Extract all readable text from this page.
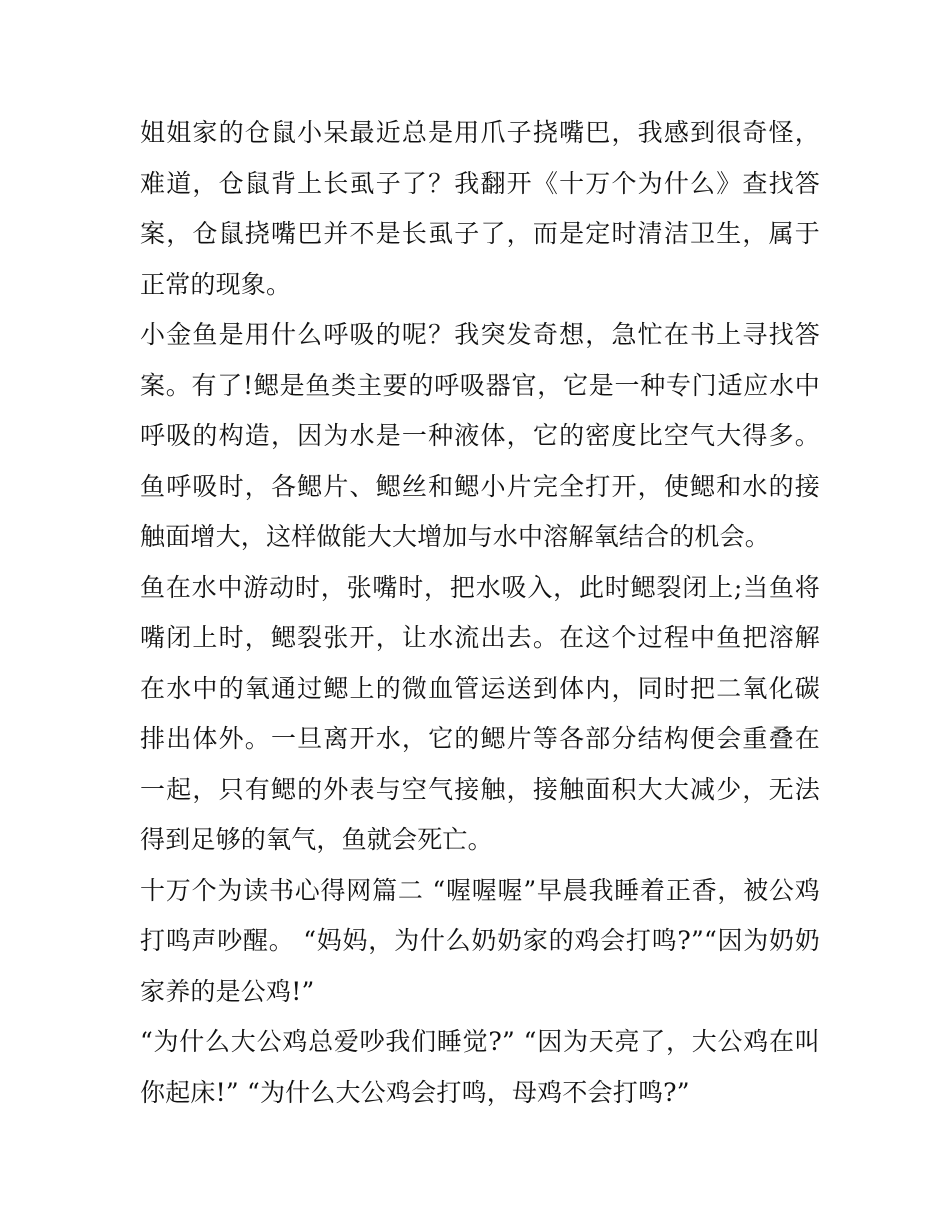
姐姐家的仓鼠小呆最近总是用爪子挠嘴巴，我感到很奇怪，难道，仓鼠背上长虱子了？我翻开《十万个为什么》查找答案，仓鼠挠嘴巴并不是长虱子了，而是定时清洁卫生，属于正常的现象。

小金鱼是用什么呼吸的呢？我突发奇想，急忙在书上寻找答案。有了!鳃是鱼类主要的呼吸器官，它是一种专门适应水中呼吸的构造，因为水是一种液体，它的密度比空气大得多。鱼呼吸时，各鳃片、鳃丝和鳃小片完全打开，使鳃和水的接触面增大，这样做能大大增加与水中溶解氧结合的机会。

鱼在水中游动时，张嘴时，把水吸入，此时鳃裂闭上;当鱼将嘴闭上时，鳃裂张开，让水流出去。在这个过程中鱼把溶解在水中的氧通过鳃上的微血管运送到体内，同时把二氧化碳排出体外。一旦离开水，它的鳃片等各部分结构便会重叠在一起，只有鳃的外表与空气接触，接触面积大大减少，无法得到足够的氧气，鱼就会死亡。

十万个为读书心得网篇二 “喔喔喔”早晨我睡着正香，被公鸡打鸣声吵醒。 “妈妈，为什么奶奶家的鸡会打鸣?”“因为奶奶家养的是公鸡!”

“为什么大公鸡总爱吵我们睡觉?” “因为天亮了，大公鸡在叫你起床!” “为什么大公鸡会打鸣，母鸡不会打鸣?”
